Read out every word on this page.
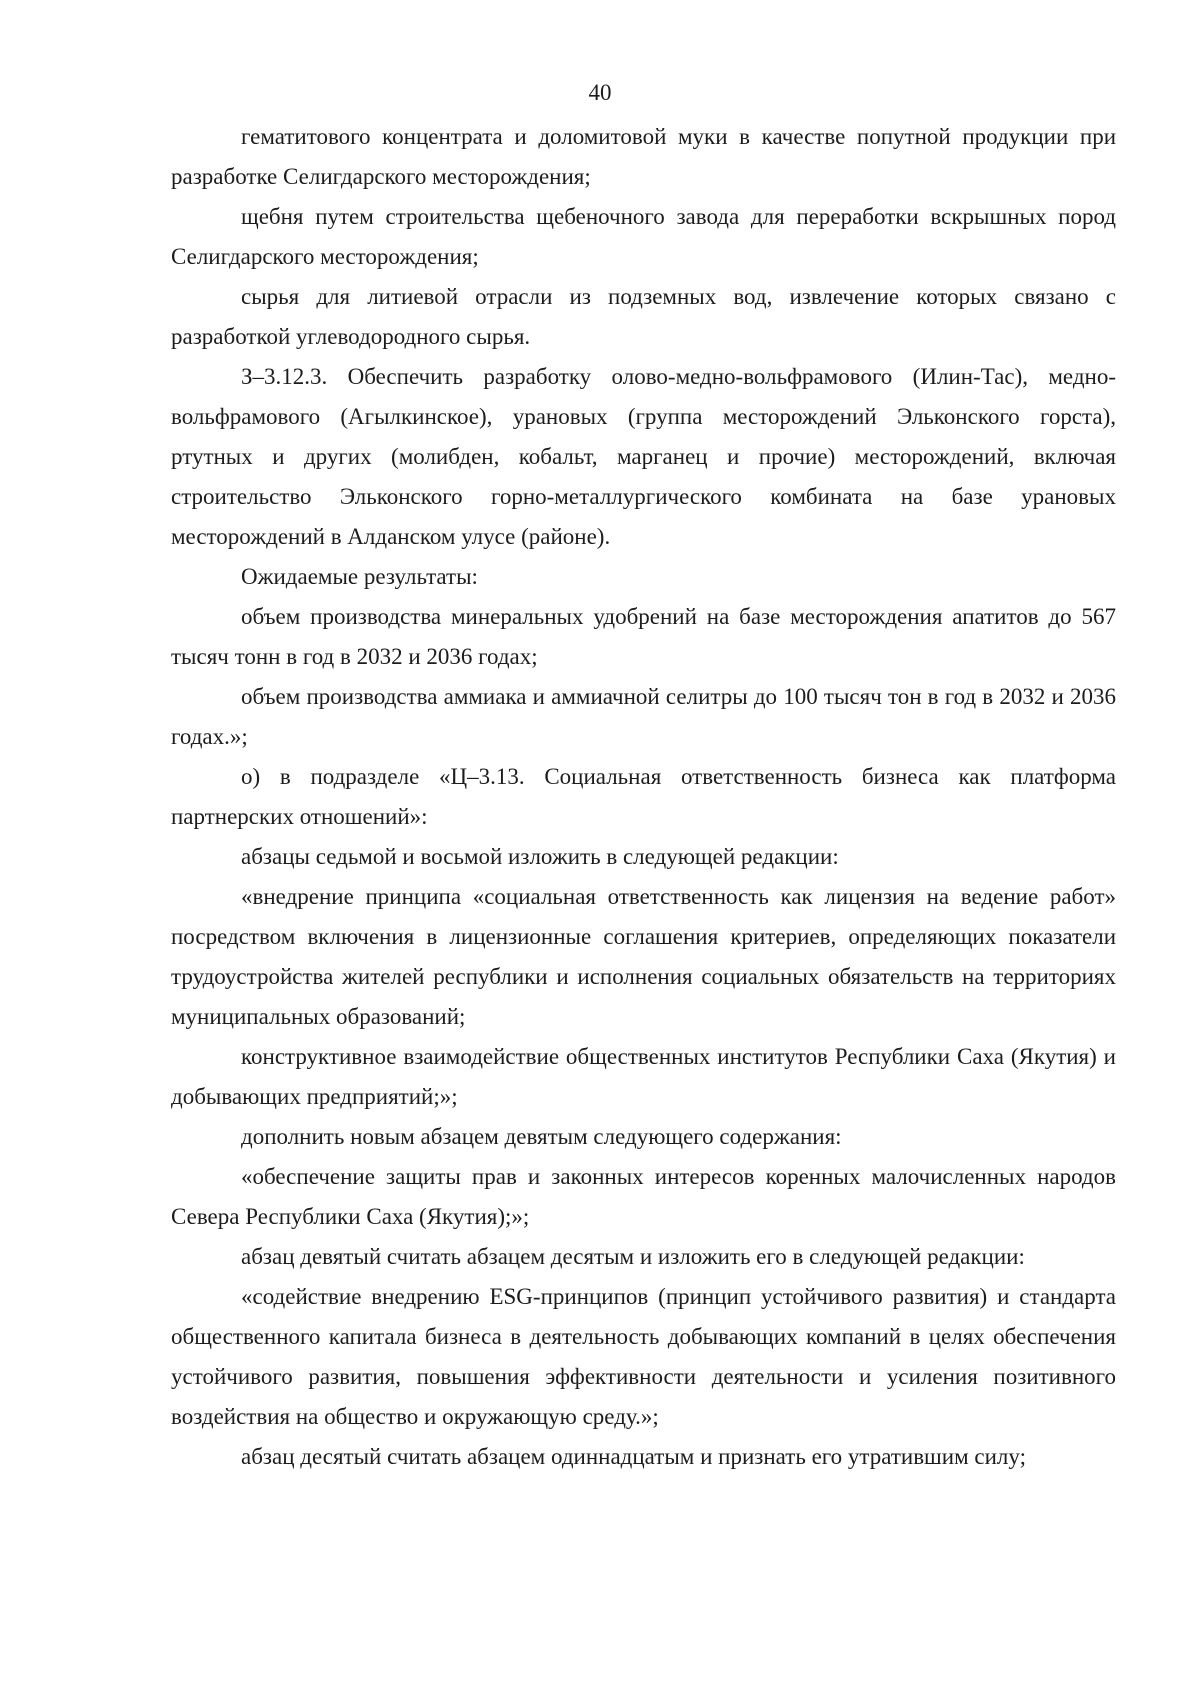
40

гематитового концентрата и доломитовой муки в качестве попутной продукции при разработке Селигдарского месторождения;

щебня путем строительства щебеночного завода для переработки вскрышных пород Селигдарского месторождения;

сырья для литиевой отрасли из подземных вод, извлечение которых связано с разработкой углеводородного сырья.

З–3.12.3. Обеспечить разработку олово-медно-вольфрамового (Илин-Тас), медно-вольфрамового (Агылкинское), урановых (группа месторождений Эльконского горста), ртутных и других (молибден, кобальт, марганец и прочие) месторождений, включая строительство Эльконского горно-металлургического комбината на базе урановых месторождений в Алданском улусе (районе).

Ожидаемые результаты:

объем производства минеральных удобрений на базе месторождения апатитов до 567 тысяч тонн в год в 2032 и 2036 годах;

объем производства аммиака и аммиачной селитры до 100 тысяч тон в год в 2032 и 2036 годах.»;

о) в подразделе «Ц–3.13. Социальная ответственность бизнеса как платформа партнерских отношений»:

абзацы седьмой и восьмой изложить в следующей редакции:

«внедрение принципа «социальная ответственность как лицензия на ведение работ» посредством включения в лицензионные соглашения критериев, определяющих показатели трудоустройства жителей республики и исполнения социальных обязательств на территориях муниципальных образований;

конструктивное взаимодействие общественных институтов Республики Саха (Якутия) и добывающих предприятий;»;

дополнить новым абзацем девятым следующего содержания:

«обеспечение защиты прав и законных интересов коренных малочисленных народов Севера Республики Саха (Якутия);»;

абзац девятый считать абзацем десятым и изложить его в следующей редакции:

«содействие внедрению ESG-принципов (принцип устойчивого развития) и стандарта общественного капитала бизнеса в деятельность добывающих компаний в целях обеспечения устойчивого развития, повышения эффективности деятельности и усиления позитивного воздействия на общество и окружающую среду.»;

абзац десятый считать абзацем одиннадцатым и признать его утратившим силу;
